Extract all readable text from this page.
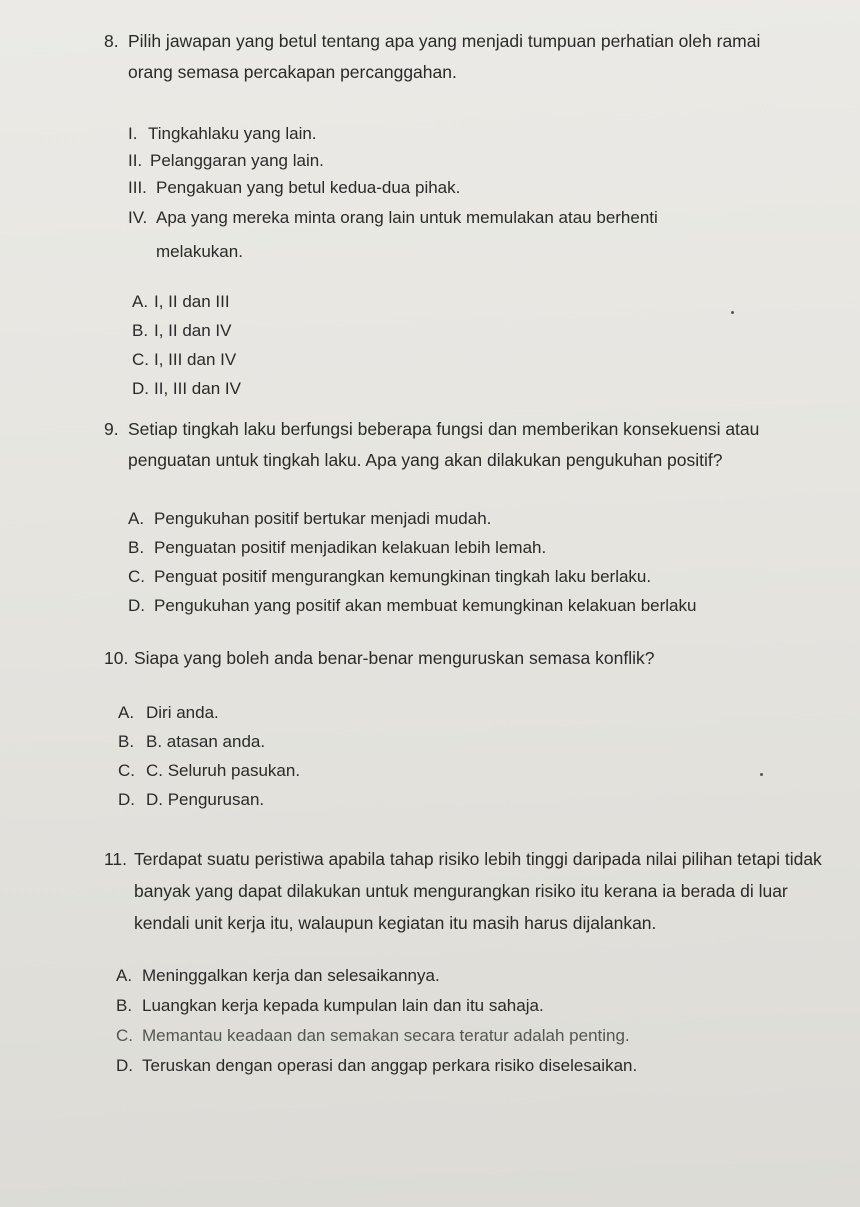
8. Pilih jawapan yang betul tentang apa yang menjadi tumpuan perhatian oleh ramai orang semasa percakapan percanggahan.
I. Tingkahlaku yang lain.
II. Pelanggaran yang lain.
III. Pengakuan yang betul kedua-dua pihak.
IV. Apa yang mereka minta orang lain untuk memulakan atau berhenti melakukan.
A. I, II dan III
B. I, II dan IV
C. I, III dan IV
D. II, III dan IV
9. Setiap tingkah laku berfungsi beberapa fungsi dan memberikan konsekuensi atau penguatan untuk tingkah laku. Apa yang akan dilakukan pengukuhan positif?
A. Pengukuhan positif bertukar menjadi mudah.
B. Penguatan positif menjadikan kelakuan lebih lemah.
C. Penguat positif mengurangkan kemungkinan tingkah laku berlaku.
D. Pengukuhan yang positif akan membuat kemungkinan kelakuan berlaku
10. Siapa yang boleh anda benar-benar menguruskan semasa konflik?
A. Diri anda.
B. B. atasan anda.
C. C. Seluruh pasukan.
D. D. Pengurusan.
11. Terdapat suatu peristiwa apabila tahap risiko lebih tinggi daripada nilai pilihan tetapi tidak banyak yang dapat dilakukan untuk mengurangkan risiko itu kerana ia berada di luar kendali unit kerja itu, walaupun kegiatan itu masih harus dijalankan.
A. Meninggalkan kerja dan selesaikannya.
B. Luangkan kerja kepada kumpulan lain dan itu sahaja.
C. Memantau keadaan dan semakan secara teratur adalah penting.
D. Teruskan dengan operasi dan anggap perkara risiko diselesaikan.
